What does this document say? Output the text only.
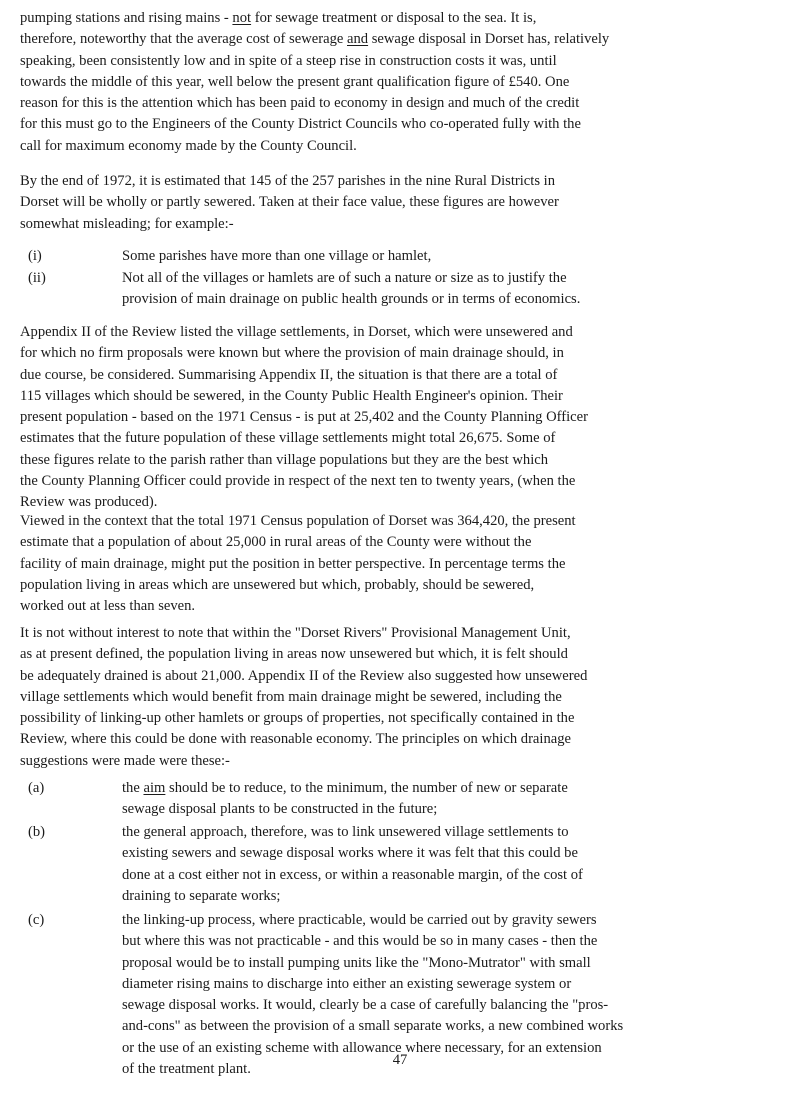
pumping stations and rising mains - not for sewage treatment or disposal to the sea. It is,
therefore, noteworthy that the average cost of sewerage and sewage disposal in Dorset has, relatively
speaking, been consistently low and in spite of a steep rise in construction costs it was, until
towards the middle of this year, well below the present grant qualification figure of £540. One
reason for this is the attention which has been paid to economy in design and much of the credit
for this must go to the Engineers of the County District Councils who co-operated fully with the
call for maximum economy made by the County Council.
By the end of 1972, it is estimated that 145 of the 257 parishes in the nine Rural Districts in
Dorset will be wholly or partly sewered. Taken at their face value, these figures are however
somewhat misleading; for example:-
(i)	Some parishes have more than one village or hamlet,
(ii)	Not all of the villages or hamlets are of such a nature or size as to justify the
provision of main drainage on public health grounds or in terms of economics.
Appendix II of the Review listed the village settlements, in Dorset, which were unsewered and
for which no firm proposals were known but where the provision of main drainage should, in
due course, be considered. Summarising Appendix II, the situation is that there are a total of
115 villages which should be sewered, in the County Public Health Engineer's opinion. Their
present population - based on the 1971 Census - is put at 25,402 and the County Planning Officer
estimates that the future population of these village settlements might total 26,675. Some of
these figures relate to the parish rather than village populations but they are the best which
the County Planning Officer could provide in respect of the next ten to twenty years, (when the
Review was produced).
Viewed in the context that the total 1971 Census population of Dorset was 364,420, the present
estimate that a population of about 25,000 in rural areas of the County were without the
facility of main drainage, might put the position in better perspective. In percentage terms the
population living in areas which are unsewered but which, probably, should be sewered,
worked out at less than seven.
It is not without interest to note that within the "Dorset Rivers" Provisional Management Unit,
as at present defined, the population living in areas now unsewered but which, it is felt should
be adequately drained is about 21,000. Appendix II of the Review also suggested how unsewered
village settlements which would benefit from main drainage might be sewered, including the
possibility of linking-up other hamlets or groups of properties, not specifically contained in the
Review, where this could be done with reasonable economy. The principles on which drainage
suggestions were made were these:-
(a)	the aim should be to reduce, to the minimum, the number of new or separate
sewage disposal plants to be constructed in the future;
(b)	the general approach, therefore, was to link unsewered village settlements to
existing sewers and sewage disposal works where it was felt that this could be
done at a cost either not in excess, or within a reasonable margin, of the cost of
draining to separate works;
(c)	the linking-up process, where practicable, would be carried out by gravity sewers
but where this was not practicable - and this would be so in many cases - then the
proposal would be to install pumping units like the "Mono-Mutrator" with small
diameter rising mains to discharge into either an existing sewerage system or
sewage disposal works. It would, clearly be a case of carefully balancing the "pros-
and-cons" as between the provision of a small separate works, a new combined works
or the use of an existing scheme with allowance where necessary, for an extension
of the treatment plant.
47
